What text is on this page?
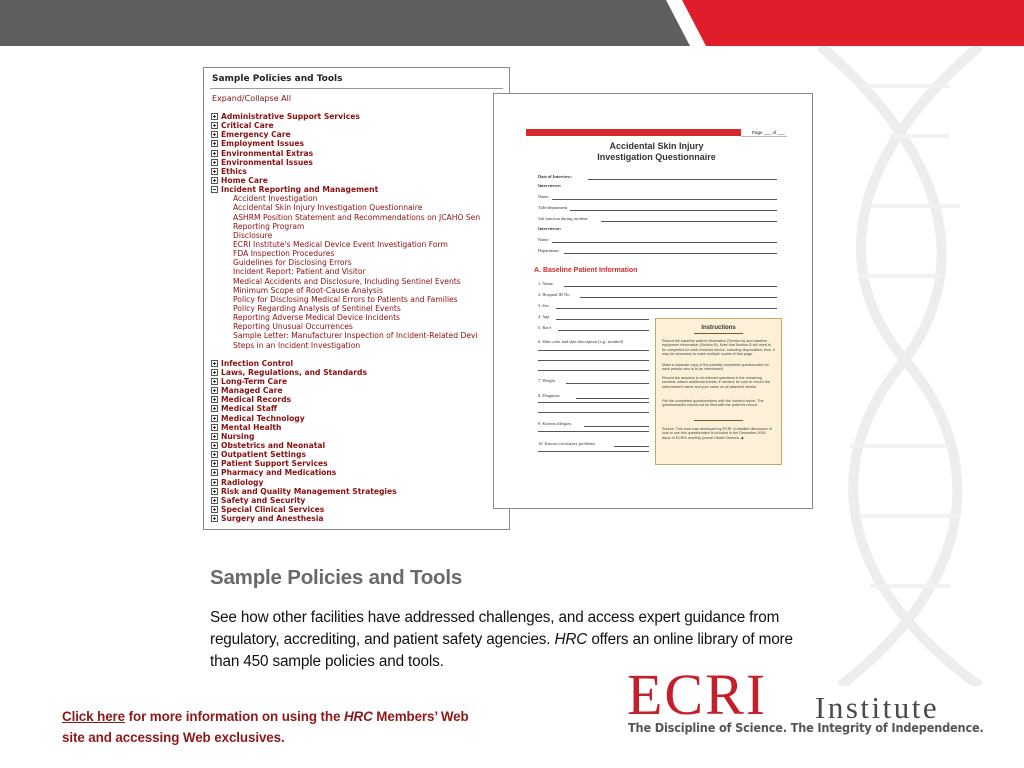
Sample Policies and Tools
Expand/Collapse All
Administrative Support Services
Critical Care
Emergency Care
Employment Issues
Environmental Extras
Environmental Issues
Ethics
Home Care
Incident Reporting and Management
Accident Investigation
Accidental Skin Injury Investigation Questionnaire
ASHRM Position Statement and Recommendations on JCAHO Sen
Reporting Program
Disclosure
ECRI Institute's Medical Device Event Investigation Form
FDA Inspection Procedures
Guidelines for Disclosing Errors
Incident Report: Patient and Visitor
Medical Accidents and Disclosure, Including Sentinel Events
Minimum Scope of Root-Cause Analysis
Policy for Disclosing Medical Errors to Patients and Families
Policy Regarding Analysis of Sentinel Events
Reporting Adverse Medical Device Incidents
Reporting Unusual Occurrences
Sample Letter: Manufacturer Inspection of Incident-Related Devi
Steps in an Incident Investigation
Infection Control
Laws, Regulations, and Standards
Long-Term Care
Managed Care
Medical Records
Medical Staff
Medical Technology
Mental Health
Nursing
Obstetrics and Neonatal
Outpatient Settings
Patient Support Services
Pharmacy and Medications
Radiology
Risk and Quality Management Strategies
Safety and Security
Special Clinical Services
Surgery and Anesthesia
Page ___ of ___
Accidental Skin Injury
Investigation Questionnaire
A. Baseline Patient Information
Instructions
Record the baseline patient information (Section A) and baseline equipment information (Section B). Note that Section B will need to be completed for each involved device, including disposables; thus, it may be necessary to make multiple copies of that page.
Make a separate copy of the partially completed questionnaire for each person who is to be interviewed.
Record the answers to all relevant questions in the remaining sections. Attach additional sheets, if needed; be sure to record the interviewee's name and your name on all attached sheets.
File the completed questionnaires with the incident report. The questionnaires should not be filed with the patient's record.
Source. This form was developed by ECRI. A detailed discussion of how to use this questionnaire is included in the December 2005 issue of ECRI's monthly journal Health Devices. ◆
Date of Interview:
Interviewee:
Name
Title/department
Job function during incident
Interviewer:
Name
Department
1. Name
2. Hospital ID No.
3. Sex
4. Age
5. Race
6. Skin color and skin description (e.g., mottled)
7. Weight
8. Diagnosis
9. Known allergies
10. Known circulatory problems
Sample Policies and Tools
See how other facilities have addressed challenges, and access expert guidance from regulatory, accrediting, and patient safety agencies. HRC offers an online library of more than 450 sample policies and tools.
Click here for more information on using the HRC Members’ Web site and accessing Web exclusives.
ECRI Institute
The Discipline of Science. The Integrity of Independence.
